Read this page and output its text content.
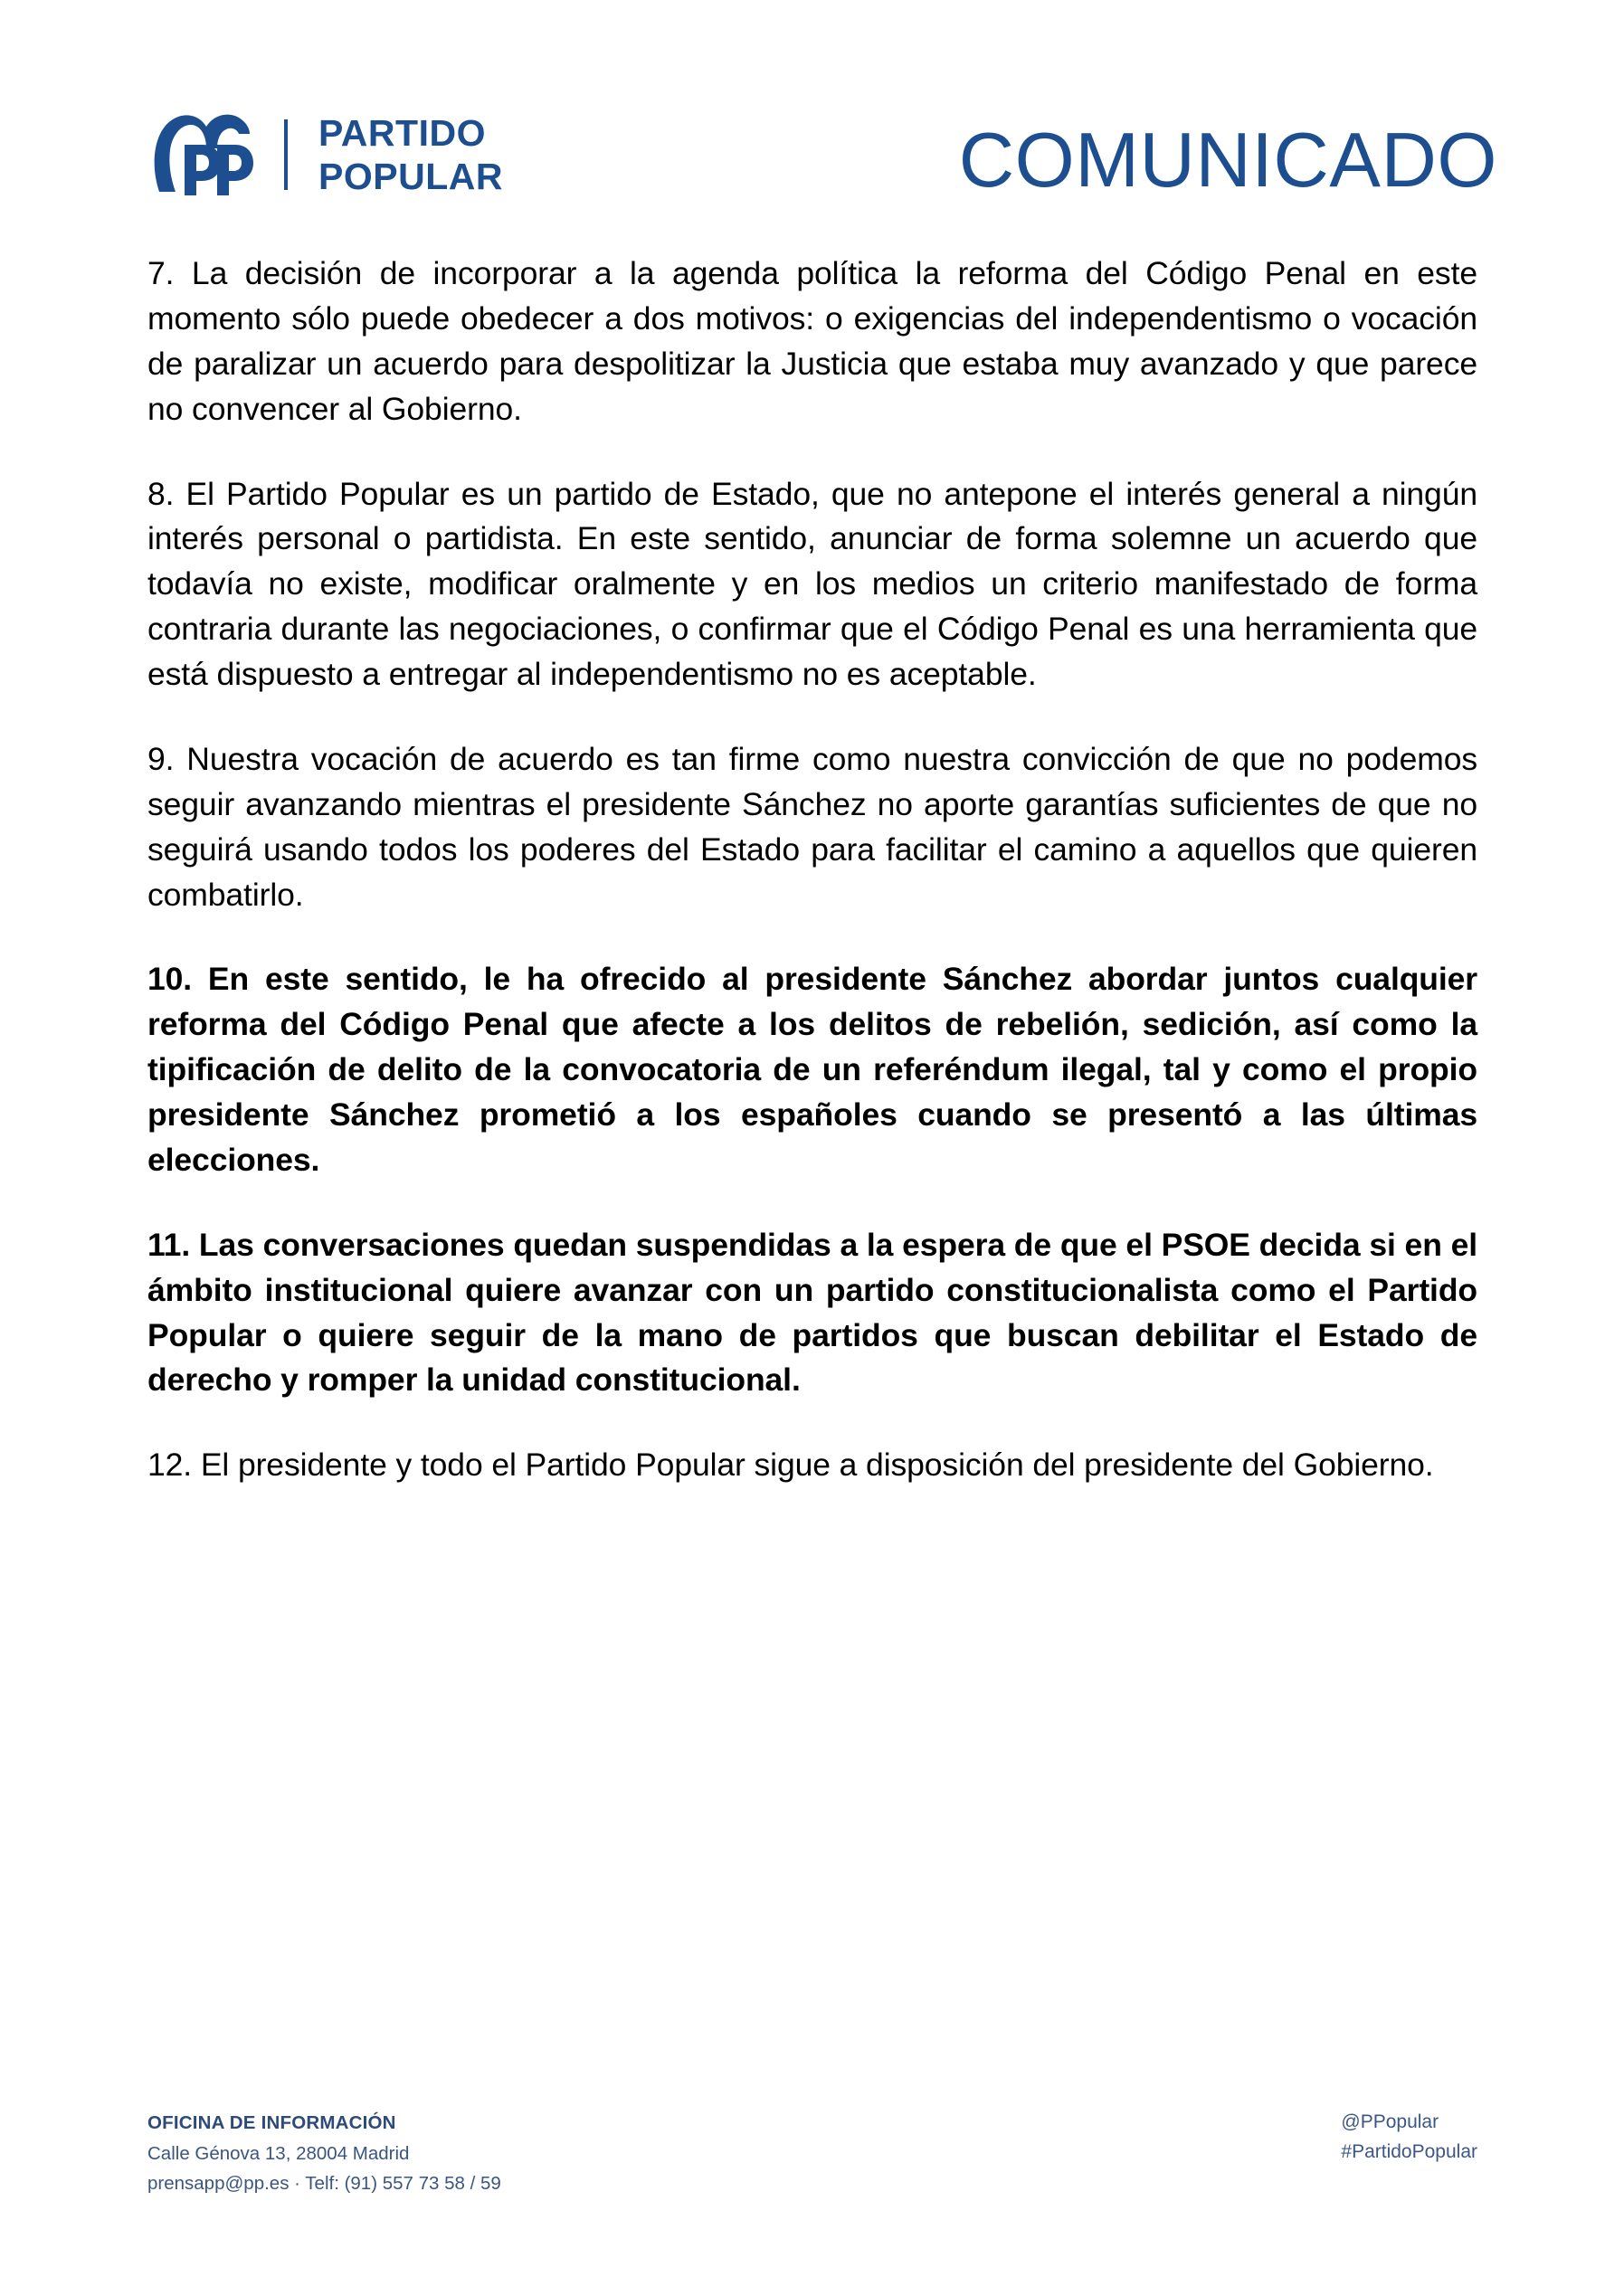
PARTIDO
POPULAR	COMUNICADO

7. La decisión de incorporar a la agenda política la reforma del Código Penal en este momento sólo puede obedecer a dos motivos: o exigencias del independentismo o vocación de paralizar un acuerdo para despolitizar la Justicia que estaba muy avanzado y que parece no convencer al Gobierno.

8. El Partido Popular es un partido de Estado, que no antepone el interés general a ningún interés personal o partidista. En este sentido, anunciar de forma solemne un acuerdo que todavía no existe, modificar oralmente y en los medios un criterio manifestado de forma contraria durante las negociaciones, o confirmar que el Código Penal es una herramienta que está dispuesto a entregar al independentismo no es aceptable.

9. Nuestra vocación de acuerdo es tan firme como nuestra convicción de que no podemos seguir avanzando mientras el presidente Sánchez no aporte garantías suficientes de que no seguirá usando todos los poderes del Estado para facilitar el camino a aquellos que quieren combatirlo.

10. En este sentido, le ha ofrecido al presidente Sánchez abordar juntos cualquier reforma del Código Penal que afecte a los delitos de rebelión, sedición, así como la tipificación de delito de la convocatoria de un referéndum ilegal, tal y como el propio presidente Sánchez prometió a los españoles cuando se presentó a las últimas elecciones.

11. Las conversaciones quedan suspendidas a la espera de que el PSOE decida si en el ámbito institucional quiere avanzar con un partido constitucionalista como el Partido Popular o quiere seguir de la mano de partidos que buscan debilitar el Estado de derecho y romper la unidad constitucional.

12. El presidente y todo el Partido Popular sigue a disposición del presidente del Gobierno.

OFICINA DE INFORMACIÓN
Calle Génova 13, 28004 Madrid
prensapp@pp.es · Telf: (91) 557 73 58 / 59
@PPopular
#PartidoPopular
